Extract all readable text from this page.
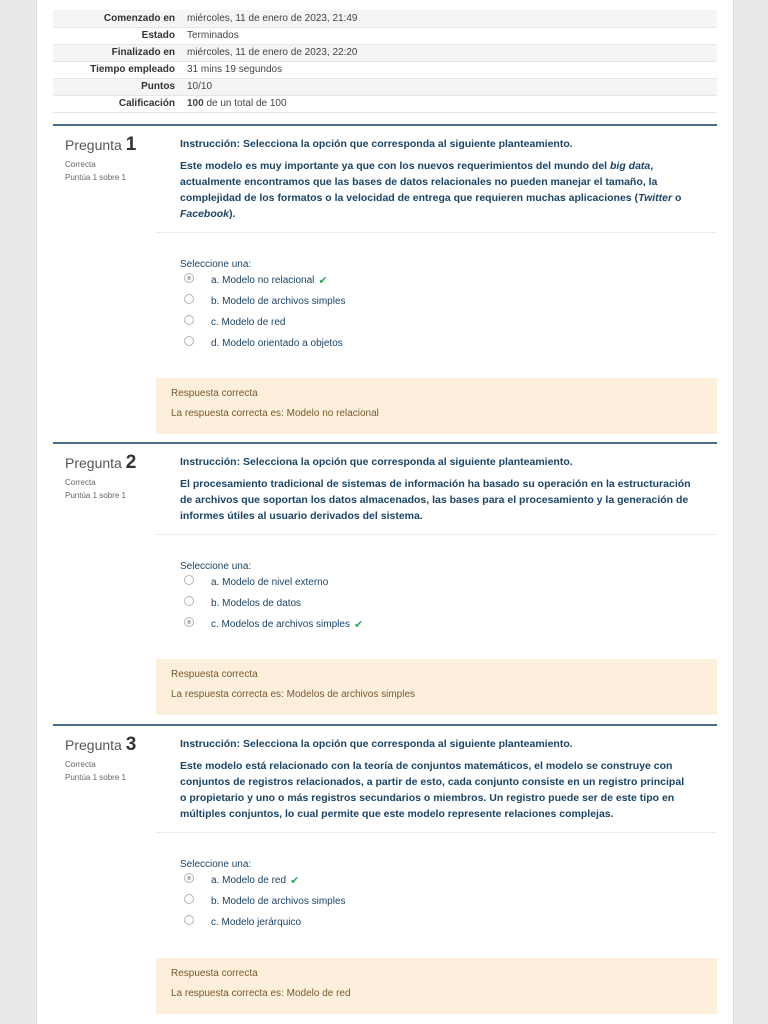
Comenzado en	miércoles, 11 de enero de 2023, 21:49
Estado	Terminados
Finalizado en	miércoles, 11 de enero de 2023, 22:20
Tiempo empleado	31 mins 19 segundos
Puntos	10/10
Calificación	100 de un total de 100
Pregunta 1
Correcta
Puntúa 1 sobre 1

Instrucción: Selecciona la opción que corresponda al siguiente planteamiento.

Este modelo es muy importante ya que con los nuevos requerimientos del mundo del big data, actualmente encontramos que las bases de datos relacionales no pueden manejar el tamaño, la complejidad de los formatos o la velocidad de entrega que requieren muchas aplicaciones (Twitter o Facebook).

Seleccione una:
a. Modelo no relacional ✔
b. Modelo de archivos simples
c. Modelo de red
d. Modelo orientado a objetos
Respuesta correcta
La respuesta correcta es: Modelo no relacional
Pregunta 2
Correcta
Puntúa 1 sobre 1

Instrucción: Selecciona la opción que corresponda al siguiente planteamiento.

El procesamiento tradicional de sistemas de información ha basado su operación en la estructuración de archivos que soportan los datos almacenados, las bases para el procesamiento y la generación de informes útiles al usuario derivados del sistema.

Seleccione una:
a. Modelo de nivel externo
b. Modelos de datos
c. Modelos de archivos simples ✔
Respuesta correcta
La respuesta correcta es: Modelos de archivos simples
Pregunta 3
Correcta
Puntúa 1 sobre 1

Instrucción: Selecciona la opción que corresponda al siguiente planteamiento.

Este modelo está relacionado con la teoría de conjuntos matemáticos, el modelo se construye con conjuntos de registros relacionados, a partir de esto, cada conjunto consiste en un registro principal o propietario y uno o más registros secundarios o miembros. Un registro puede ser de este tipo en múltiples conjuntos, lo cual permite que este modelo represente relaciones complejas.

Seleccione una:
a. Modelo de red ✔
b. Modelo de archivos simples
c. Modelo jerárquico
Respuesta correcta
La respuesta correcta es: Modelo de red
